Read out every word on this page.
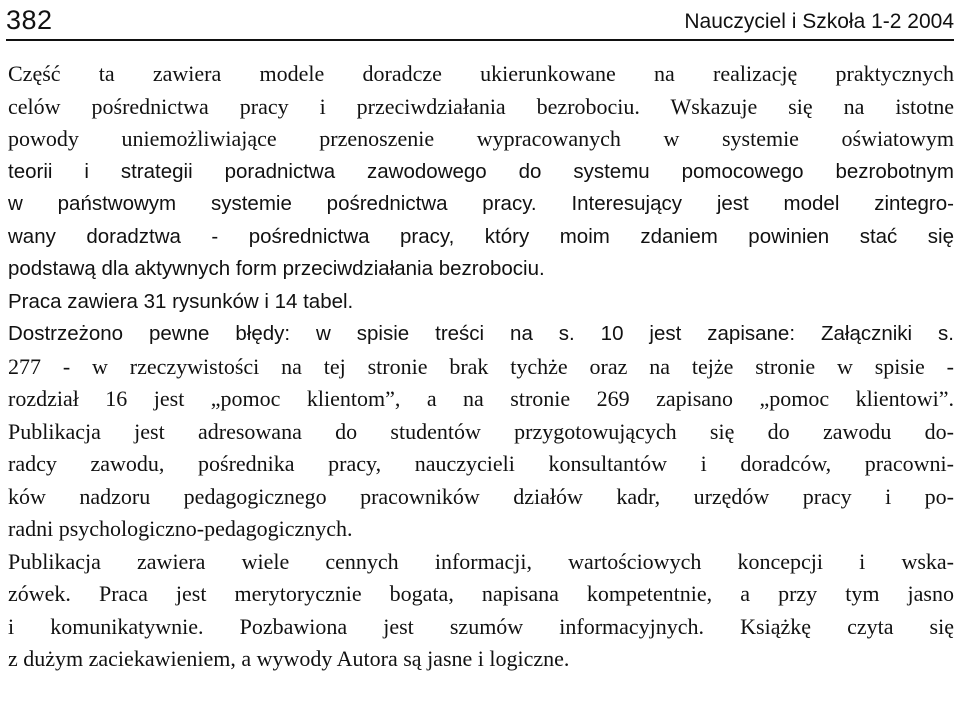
382	Nauczyciel i Szkoła 1-2 2004
Część ta zawiera modele doradcze ukierunkowane na realizację praktycznych
celów pośrednictwa pracy i przeciwdziałania bezrobociu. Wskazuje się na istotne
powody uniemożliwiające przenoszenie wypracowanych w systemie oświatowym
teorii i strategii poradnictwa zawodowego do systemu pomocowego bezrobotnym
w państwowym systemie pośrednictwa pracy. Interesujący jest model zintegro-
wany doradztwa - pośrednictwa pracy, który moim zdaniem powinien stać się
podstawą dla aktywnych form przeciwdziałania bezrobociu.
Praca zawiera 31 rysunków i 14 tabel.
Dostrzeżono pewne błędy: w spisie treści na s. 10 jest zapisane: Załączniki s.
277 - w rzeczywistości na tej stronie brak tychże oraz na tejże stronie w spisie -
rozdział 16 jest „pomoc klientom”, a na stronie 269 zapisano „pomoc klientowi”.
Publikacja jest adresowana do studentów przygotowujących się do zawodu do-
radcy zawodu, pośrednika pracy, nauczycieli konsultantów i doradców, pracowni-
ków nadzoru pedagogicznego pracowników działów kadr, urzędów pracy i po-
radni psychologiczno-pedagogicznych.
Publikacja zawiera wiele cennych informacji, wartościowych koncepcji i wska-
zówek. Praca jest merytorycznie bogata, napisana kompetentnie, a przy tym jasno
i komunikatywnie. Pozbawiona jest szumów informacyjnych. Książkę czyta się
z dużym zaciekawieniem, a wywody Autora są jasne i logiczne.
